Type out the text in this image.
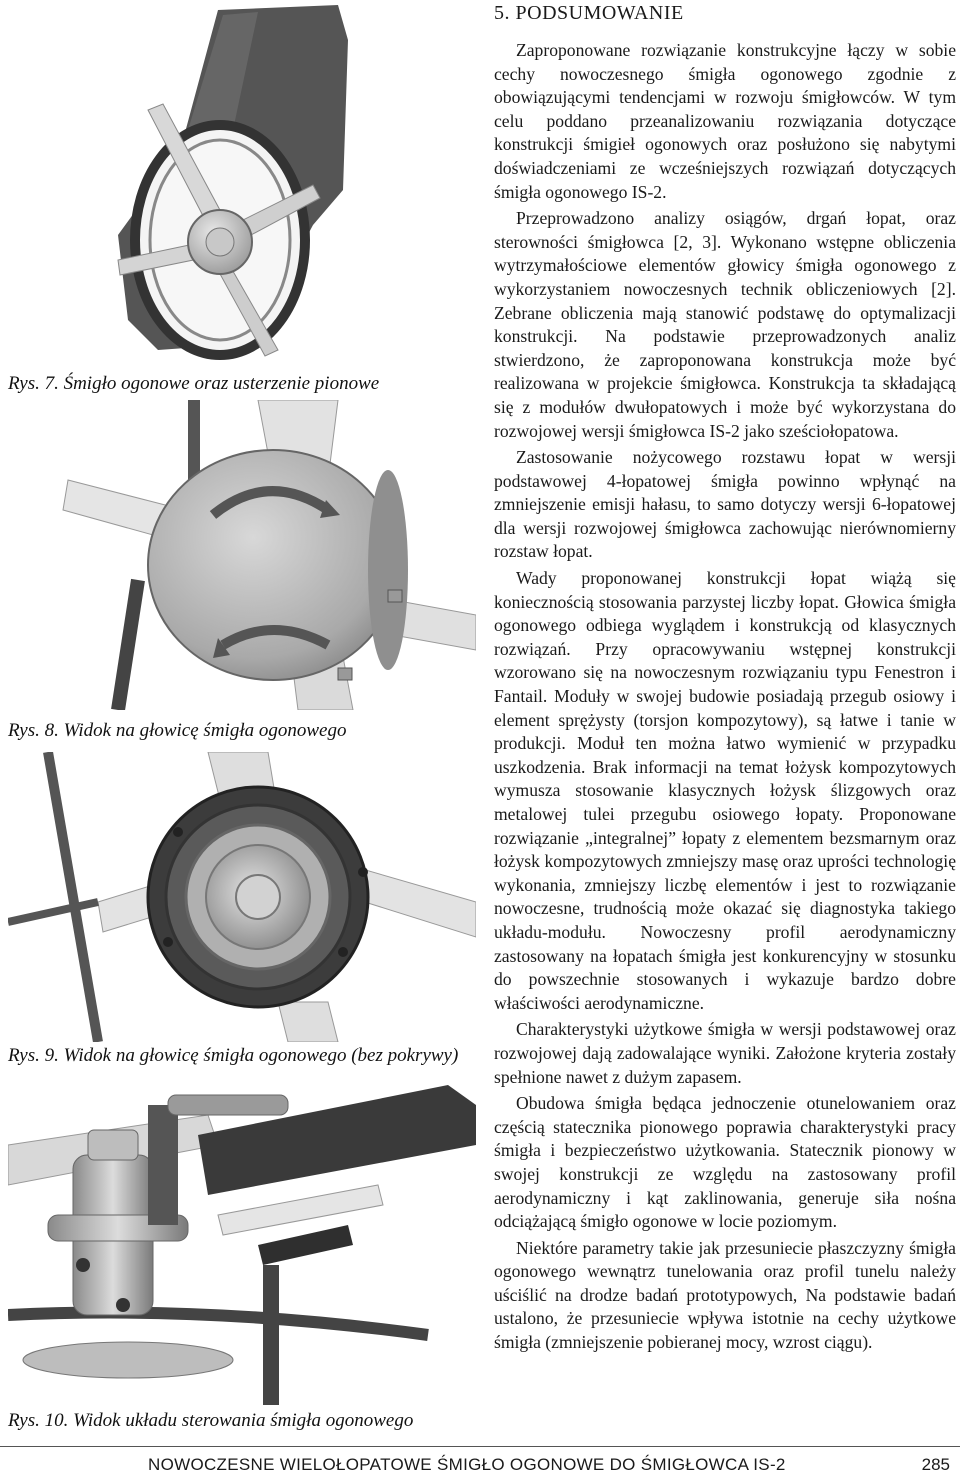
Rys. 7. Śmigło ogonowe oraz usterzenie pionowe
Rys. 8. Widok na głowicę śmigła ogonowego
Rys. 9. Widok na głowicę śmigła ogonowego (bez pokrywy)
Rys. 10. Widok układu sterowania śmigła ogonowego
5. PODSUMOWANIE

Zaproponowane rozwiązanie konstrukcyjne łączy w sobie cechy nowoczesnego śmigła ogonowego zgodnie z obowiązującymi tendencjami w rozwoju śmigłowców. W tym celu poddano przeanalizowaniu rozwiązania dotyczące konstrukcji śmigieł ogonowych oraz posłużono się nabytymi doświadczeniami ze wcześniejszych rozwiązań dotyczących śmigła ogonowego IS-2.

Przeprowadzono analizy osiągów, drgań łopat, oraz sterowności śmigłowca [2, 3]. Wykonano wstępne obliczenia wytrzymałościowe elementów głowicy śmigła ogonowego z wykorzystaniem nowoczesnych technik obliczeniowych [2]. Zebrane obliczenia mają stanowić podstawę do optymalizacji konstrukcji. Na podstawie przeprowadzonych analiz stwierdzono, że zaproponowana konstrukcja może być realizowana w projekcie śmigłowca. Konstrukcja ta składającą się z modułów dwułopatowych i może być wykorzystana do rozwojowej wersji śmigłowca IS-2 jako sześciołopatowa.

Zastosowanie nożycowego rozstawu łopat w wersji podstawowej 4-łopatowej śmigła powinno wpłynąć na zmniejszenie emisji hałasu, to samo dotyczy wersji 6-łopatowej dla wersji rozwojowej śmigłowca zachowując nierównomierny rozstaw łopat.

Wady proponowanej konstrukcji łopat wiążą się koniecznością stosowania parzystej liczby łopat. Głowica śmigła ogonowego odbiega wyglądem i konstrukcją od klasycznych rozwiązań. Przy opracowywaniu wstępnej konstrukcji wzorowano się na nowoczesnym rozwiązaniu typu Fenestron i Fantail. Moduły w swojej budowie posiadają przegub osiowy i element sprężysty (torsjon kompozytowy), są łatwe i tanie w produkcji. Moduł ten można łatwo wymienić w przypadku uszkodzenia. Brak informacji na temat łożysk kompozytowych wymusza stosowanie klasycznych łożysk ślizgowych oraz metalowej tulei przegubu osiowego łopaty. Proponowane rozwiązanie „integralnej” łopaty z elementem bezsmarnym oraz łożysk kompozytowych zmniejszy masę oraz uprości technologię wykonania, zmniejszy liczbę elementów i jest to rozwiązanie nowoczesne, trudnością może okazać się diagnostyka takiego układu-modułu. Nowoczesny profil aerodynamiczny zastosowany na łopatach śmigła jest konkurencyjny w stosunku do powszechnie stosowanych i wykazuje bardzo dobre właściwości aerodynamiczne.

Charakterystyki użytkowe śmigła w wersji podstawowej oraz rozwojowej dają zadowalające wyniki. Założone kryteria zostały spełnione nawet z dużym zapasem.

Obudowa śmigła będąca jednoczenie otunelowaniem oraz częścią statecznika pionowego poprawia charakterystyki pracy śmigła i bezpieczeństwo użytkowania. Statecznik pionowy w swojej konstrukcji ze względu na zastosowany profil aerodynamiczny i kąt zaklinowania, generuje siła nośna odciążającą śmigło ogonowe w locie poziomym.

Niektóre parametry takie jak przesuniecie płaszczyzny śmigła ogonowego wewnątrz tunelowania oraz profil tunelu należy uściślić na drodze badań prototypowych, Na podstawie badań ustalono, że przesuniecie wpływa istotnie na cechy użytkowe śmigła (zmniejszenie pobieranej mocy, wzrost ciągu).

NOWOCZESNE WIELOŁOPATOWE ŚMIGŁO OGONOWE DO ŚMIGŁOWCA IS-2	285
